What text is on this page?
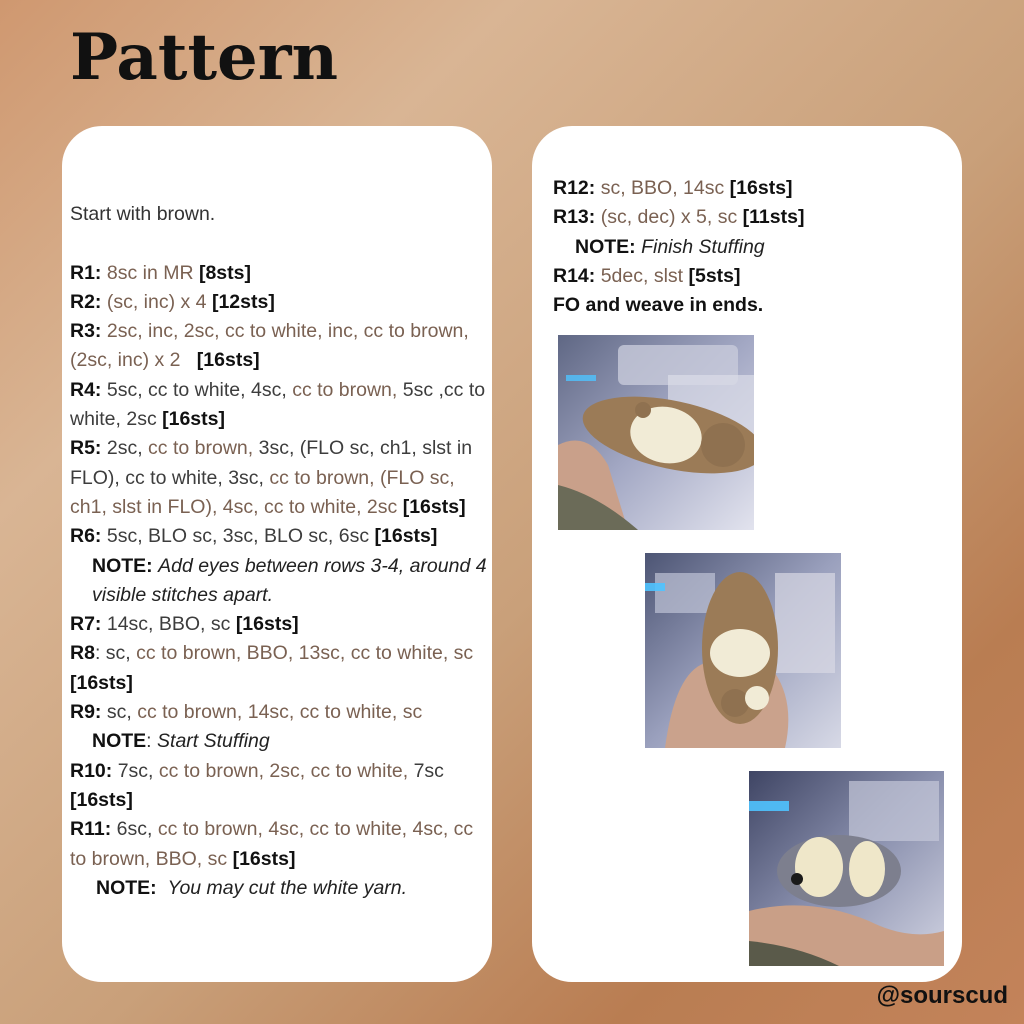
Pattern

Start with brown.

R1: 8sc in MR [8sts]

R2: (sc, inc) x 4 [12sts]

R3: 2sc, inc, 2sc, cc to white, inc, cc to brown, (2sc, inc) x 2 [16sts]

R4: 5sc, cc to white, 4sc, cc to brown, 5sc ,cc to white, 2sc [16sts]

R5: 2sc, cc to brown, 3sc, (FLO sc, ch1, slst in FLO), cc to white, 3sc, cc to brown, (FLO sc, ch1, slst in FLO), 4sc, cc to white, 2sc [16sts]

R6: 5sc, BLO sc, 3sc, BLO sc, 6sc [16sts]

NOTE: Add eyes between rows 3-4, around 4 visible stitches apart.

R7: 14sc, BBO, sc [16sts]

R8: sc, cc to brown, BBO, 13sc, cc to white, sc [16sts]

R9: sc, cc to brown, 14sc, cc to white, sc

NOTE: Start Stuffing

R10: 7sc, cc to brown, 2sc, cc to white, 7sc [16sts]

R11: 6sc, cc to brown, 4sc, cc to white, 4sc, cc to brown, BBO, sc [16sts]

NOTE: You may cut the white yarn.

R12: sc, BBO, 14sc [16sts]

R13: (sc, dec) x 5, sc [11sts]

NOTE: Finish Stuffing

R14: 5dec, slst [5sts]

FO and weave in ends.

@sourscud
